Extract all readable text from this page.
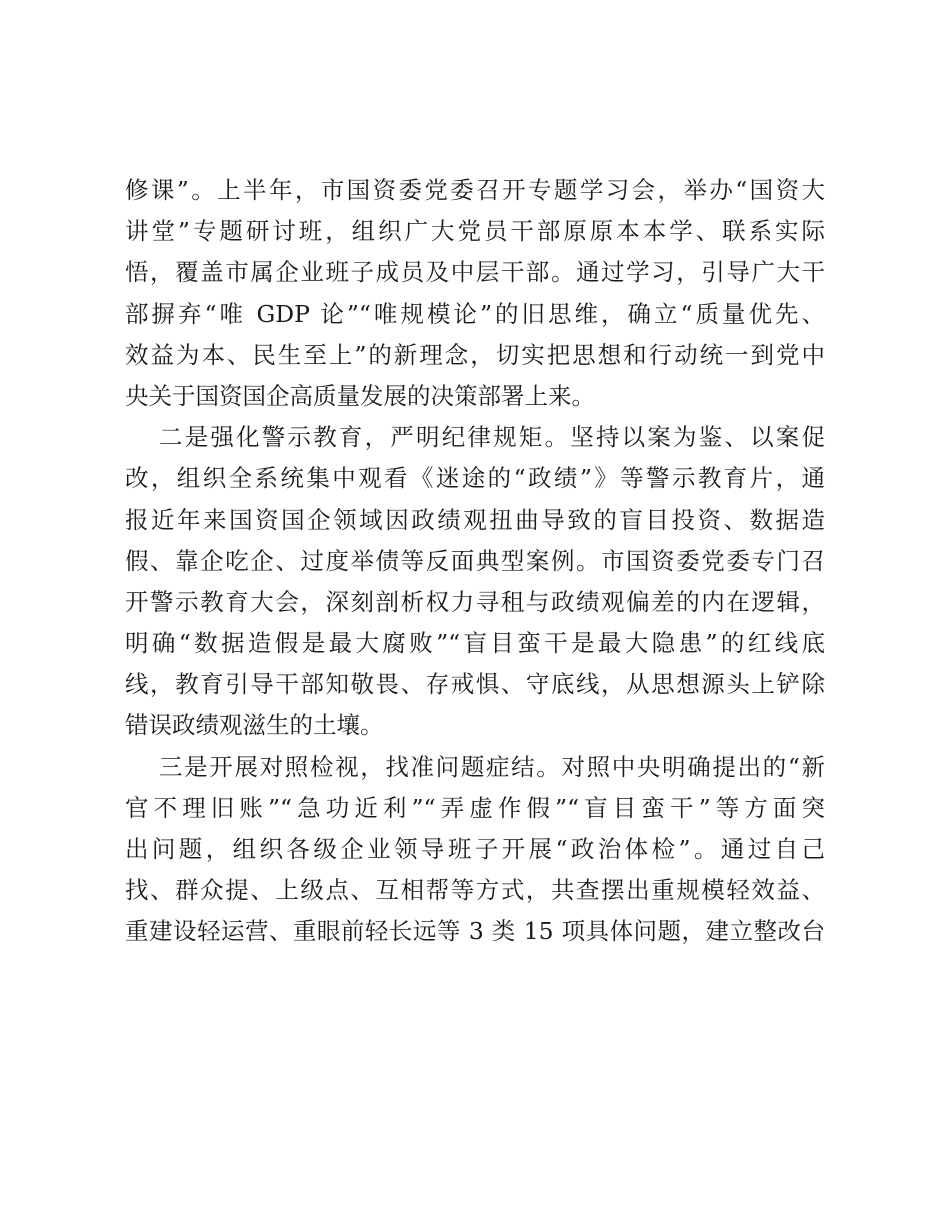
修课”。上半年，市国资委党委召开专题学习会，举办“国资大
讲堂”专题研讨班，组织广大党员干部原原本本学、联系实际
悟，覆盖市属企业班子成员及中层干部。通过学习，引导广大干
部摒弃“唯 GDP 论”“唯规模论”的旧思维，确立“质量优先、
效益为本、民生至上”的新理念，切实把思想和行动统一到党中
央关于国资国企高质量发展的决策部署上来。
二是强化警示教育，严明纪律规矩。坚持以案为鉴、以案促
改，组织全系统集中观看《迷途的“政绩”》等警示教育片，通
报近年来国资国企领域因政绩观扭曲导致的盲目投资、数据造
假、靠企吃企、过度举债等反面典型案例。市国资委党委专门召
开警示教育大会，深刻剖析权力寻租与政绩观偏差的内在逻辑，
明确“数据造假是最大腐败”“盲目蛮干是最大隐患”的红线底
线，教育引导干部知敬畏、存戒惧、守底线，从思想源头上铲除
错误政绩观滋生的土壤。
三是开展对照检视，找准问题症结。对照中央明确提出的“新
官不理旧账”“急功近利”“弄虚作假”“盲目蛮干”等方面突
出问题，组织各级企业领导班子开展“政治体检”。通过自己
找、群众提、上级点、互相帮等方式，共查摆出重规模轻效益、
重建设轻运营、重眼前轻长远等 3 类 15 项具体问题，建立整改台
